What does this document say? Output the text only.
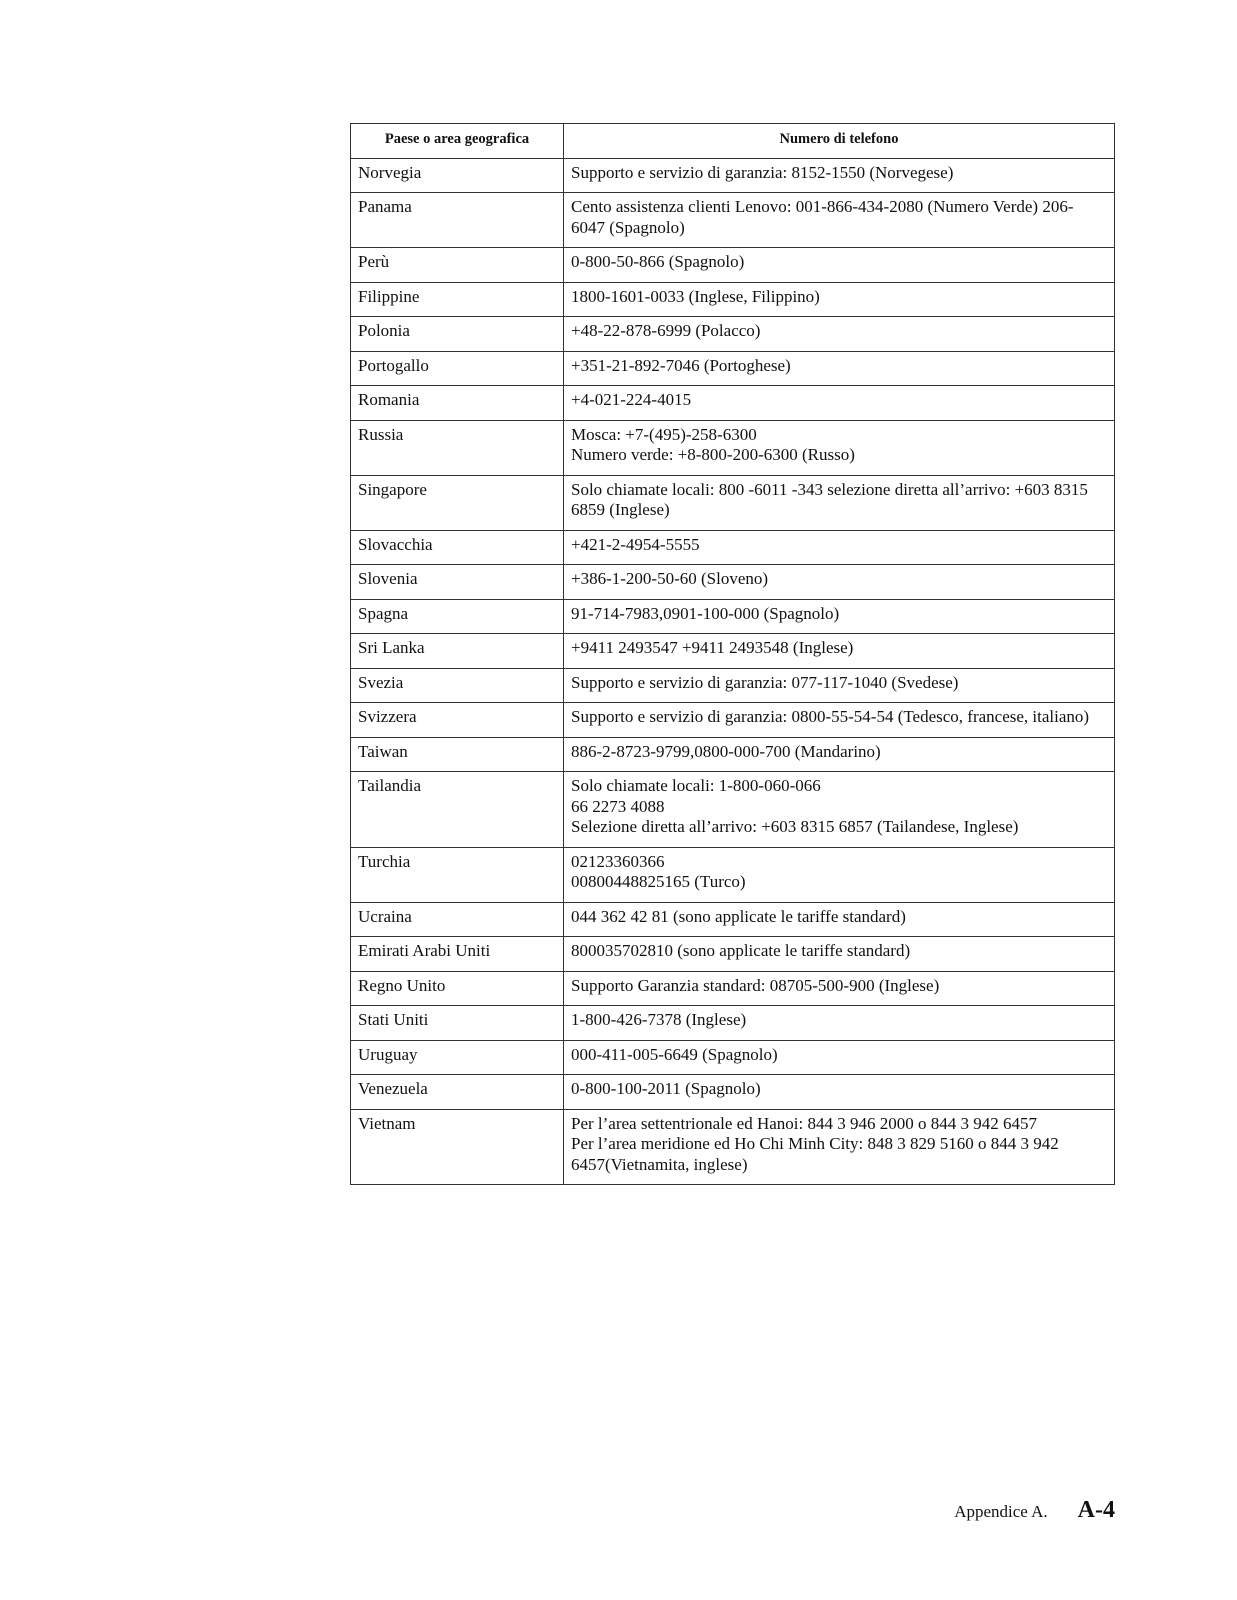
Paese o area geografica	Numero di telefono
Norvegia	Supporto e servizio di garanzia: 8152-1550 (Norvegese)

Panama	Cento assistenza clienti Lenovo: 001-866-434-2080 (Numero Verde) 206-6047 (Spagnolo)

Perù	0-800-50-866 (Spagnolo)

Filippine	1800-1601-0033 (Inglese, Filippino)

Polonia	+48-22-878-6999 (Polacco)

Portogallo	+351-21-892-7046 (Portoghese)

Romania	+4-021-224-4015

Russia	Mosca: +7-(495)-258-6300
Numero verde: +8-800-200-6300 (Russo)

Singapore	Solo chiamate locali: 800 -6011 -343 selezione diretta all’arrivo: +603 8315 6859 (Inglese)

Slovacchia	+421-2-4954-5555

Slovenia	+386-1-200-50-60 (Sloveno)

Spagna	91-714-7983,0901-100-000 (Spagnolo)

Sri Lanka	+9411 2493547 +9411 2493548 (Inglese)

Svezia	Supporto e servizio di garanzia: 077-117-1040 (Svedese)

Svizzera	Supporto e servizio di garanzia: 0800-55-54-54 (Tedesco, francese, italiano)

Taiwan	886-2-8723-9799,0800-000-700 (Mandarino)

Tailandia	Solo chiamate locali: 1-800-060-066
66 2273 4088
Selezione diretta all’arrivo: +603 8315 6857 (Tailandese, Inglese)

Turchia	02123360366
00800448825165 (Turco)

Ucraina	044 362 42 81 (sono applicate le tariffe standard)

Emirati Arabi Uniti	800035702810 (sono applicate le tariffe standard)

Regno Unito	Supporto Garanzia standard: 08705-500-900 (Inglese)

Stati Uniti	1-800-426-7378 (Inglese)

Uruguay	000-411-005-6649 (Spagnolo)

Venezuela	0-800-100-2011 (Spagnolo)

Vietnam	Per l’area settentrionale ed Hanoi: 844 3 946 2000 o 844 3 942 6457
Per l’area meridione ed Ho Chi Minh City: 848 3 829 5160 o 844 3 942 6457(Vietnamita, inglese)
Appendice A. A-4
